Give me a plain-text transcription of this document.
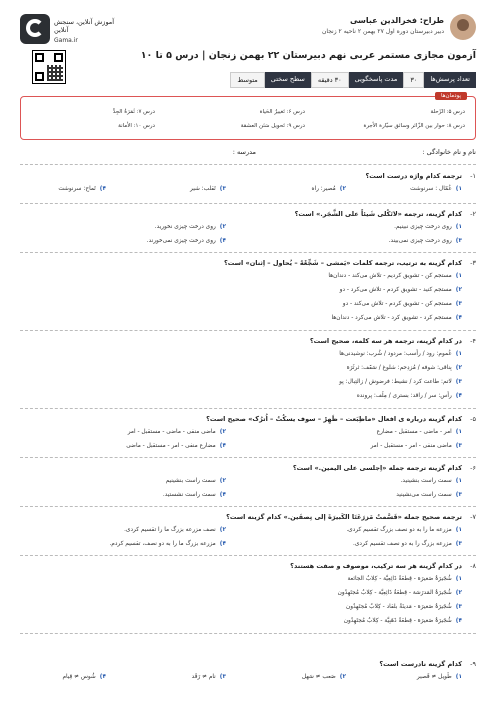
آموزش آنلاین، سنجش آنلاین
Gama.ir
طراح: فخرالدین عباسی
دبیر دبیرستان دوره اول ۲۷ بهمن ۲ ناحیه ۲ زنجان
آزمون مجازی مستمر عربی نهم دبیرستان ۲۲ بهمن زنجان | درس ۵ تا ۱۰
تعداد پرسش‌ها
۳۰
مدت پاسخگویی
۳۰ دقیقه
سطح سختی
متوسط
پودمان‌ها
درس ۵: الرّحلة
درس ۶: تَغییرُ الحَیاة
درس ۷: ثَمَرَةُ الجِدِّ
درس ۸: حوار بین الزّائر وسائق سیّارة الأجرة
درس ۹: تَحویل سَنَن العشقة
درس ۱۰: الأمانة
نام و نام خانوادگی :
مدرسه :
۱-
ترجمه کدام واژه درست است؟
۱)عُمّال : سرنوشت
۲)مُصیر: راه
۳)تَقلب: شیر
۴)تَماح: سرنوشت
۲-
کدام گزینه، ترجمه «لاتَکُلی شَیئاً علی الشَّجَر.» است؟
۱)روی درخت چیزی نبینیم.
۲)روی درخت چیزی نخورید.
۳)روی درخت چیزی نمی‌بیند.
۴)روی درخت چیزی نمی‌خورند.
۳-
کدام گزینه به ترتیب، ترجمه کلمات «یَمشی – شَجِّعْهُ – یُحاول – اِثنان» است؟
۱)مستجم کن - تشویق کردیم - تلاش می‌کند - دندان‌ها
۲)مستجم کنید - تشویق کردم - تلاش می‌کرد - دو
۳)مستجم کن - تشویق کردم - تلاش می‌کند - دو
۴)مستجم کرد - تشویق کرد - تلاش می‌کرد - دندان‌ها
۴-
در کدام گزینه، ترجمه هر سه کلمه، صحیح است؟
۱)عُموم: رود / رأسب: مردود / شُرب: نوشیدنی‌ها
۲)بِناقی: شوفه / مُزدِحم: شلوغ / سَقَف: ثرثَرَة
۳)لاتم: طاعت کرد / نشیط: فرضوش / زالتِبال: پو
۴)رأس: سر / راقد: بستری / مِلَف: پرونده
۵-
کدام گزینه درباره ی افعال «ماظِبَعت – ظَهِرْ – سوف یسکُتُ – اُترُک» صحیح است؟
۱)امر - ماضی - مستقبل - مضارع
۲)ماضی منفی - ماضی - مستقبل - امر
۳)ماضی منفی - امر - مستقبل - امر
۴)مضارع منفی - امر - مستقبل - ماضی
۶-
کدام گزینه ترجمه جمله «اِجلسی علی الیمین.» است؟
۱)سمت راست بنشینید.
۲)سمت راست بنشینیم
۳)سمت راست می‌نشینید
۴)سمت راست نشستید.
۷-
ترجمه صحیح جمله «قَسَّمتُ مَزرَعَتَا الکَبیرَةَ إلی نِصفَین.» کدام گزینه است؟
۱)مزرعه ما را به دو نصف بزرگ تقسیم کردی.
۲)نصف مزرعه بزرگ ما را تقسیم کردی.
۳)مزرعه بزرگ را به دو نصف تقسیم کردی.
۴)مزرعه بزرگ ما را به دو نصف، تقسیم کردم.
۸-
در کدام گزینه هر سه ترکیب، موصوف و صفت هستند؟
۱)شُجَیرَةٌ صَغیرَة - قِطعَةٌ ذَائِعِیَّة - کِلابٌ الجائعة
۲)شُجَیرَةٌ المَدرَسَة - قِطعَةٌ ذَائِعِیَّة - کِلابٌ مُجتَهِدُون
۳)شُجَیرَةٌ صَغیرَة - مَدینَةٌ بلقاد - کِلابٌ مُجتَهِدُون
۴)شُجَیرَةٌ صَغیرَة - قِطعَةٌ ذَهَبِیَّة - کِلابٌ مُجتَهِدُون
۹-
کدام گزینه نادرست است؟
۱)طَویل ≠ قَصیر
۲)صَعب ≠ سَهل
۳)نام ≠ رَقَد
۴)شُوس ≠ قِیام
